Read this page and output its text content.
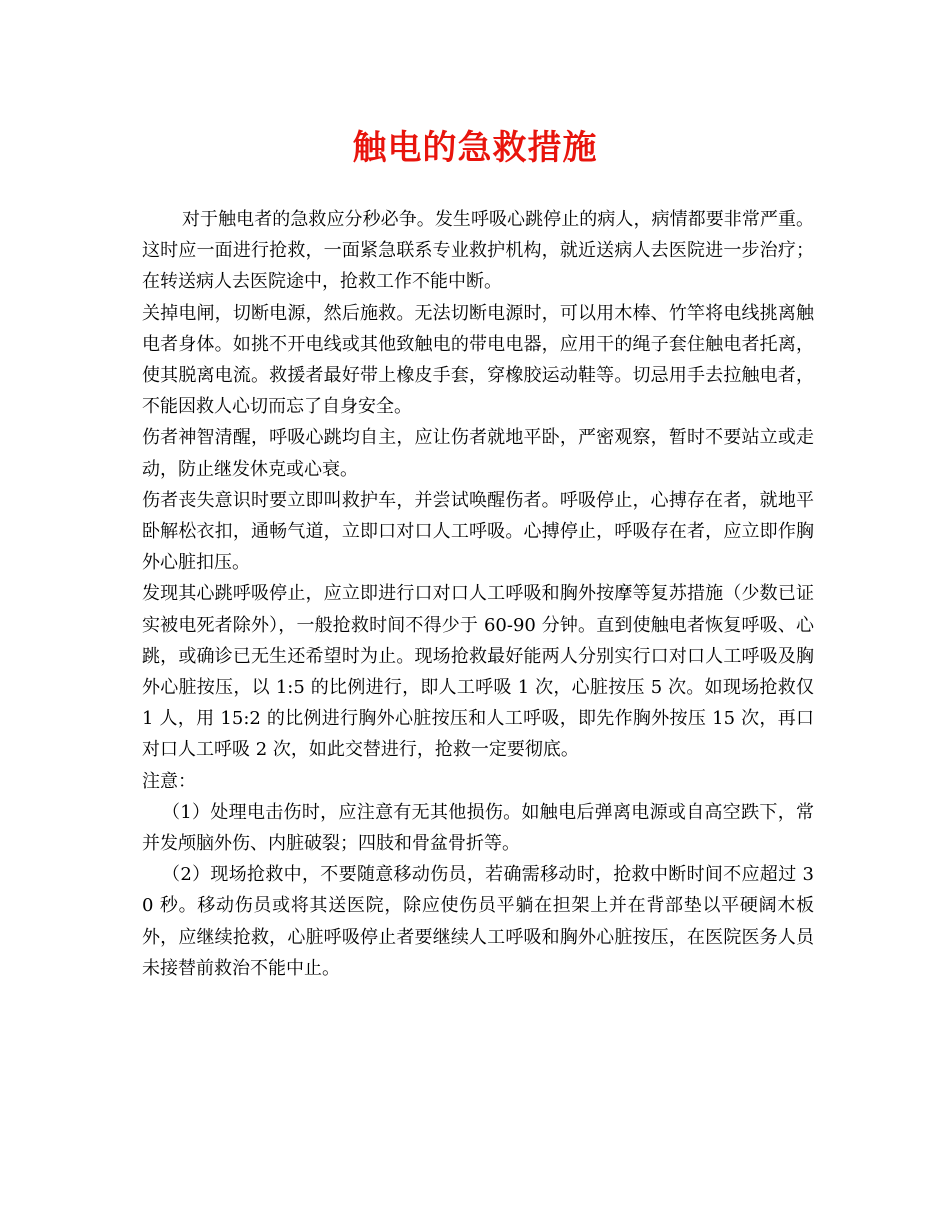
触电的急救措施

对于触电者的急救应分秒必争。发生呼吸心跳停止的病人，病情都要非常严重。这时应一面进行抢救，一面紧急联系专业救护机构，就近送病人去医院进一步治疗；在转送病人去医院途中，抢救工作不能中断。

关掉电闸，切断电源，然后施救。无法切断电源时，可以用木棒、竹竿将电线挑离触电者身体。如挑不开电线或其他致触电的带电电器，应用干的绳子套住触电者托离，使其脱离电流。救援者最好带上橡皮手套，穿橡胶运动鞋等。切忌用手去拉触电者，不能因救人心切而忘了自身安全。

伤者神智清醒，呼吸心跳均自主，应让伤者就地平卧，严密观察，暂时不要站立或走动，防止继发休克或心衰。

伤者丧失意识时要立即叫救护车，并尝试唤醒伤者。呼吸停止，心搏存在者，就地平卧解松衣扣，通畅气道，立即口对口人工呼吸。心搏停止，呼吸存在者，应立即作胸外心脏扣压。

发现其心跳呼吸停止，应立即进行口对口人工呼吸和胸外按摩等复苏措施（少数已证实被电死者除外），一般抢救时间不得少于 60-90 分钟。直到使触电者恢复呼吸、心跳，或确诊已无生还希望时为止。现场抢救最好能两人分别实行口对口人工呼吸及胸外心脏按压，以 1:5 的比例进行，即人工呼吸 1 次，心脏按压 5 次。如现场抢救仅 1 人，用 15:2 的比例进行胸外心脏按压和人工呼吸，即先作胸外按压 15 次，再口对口人工呼吸 2 次，如此交替进行，抢救一定要彻底。

注意：

（1）处理电击伤时，应注意有无其他损伤。如触电后弹离电源或自高空跌下，常并发颅脑外伤、内脏破裂；四肢和骨盆骨折等。

（2）现场抢救中，不要随意移动伤员，若确需移动时，抢救中断时间不应超过 30 秒。移动伤员或将其送医院，除应使伤员平躺在担架上并在背部垫以平硬阔木板外，应继续抢救，心脏呼吸停止者要继续人工呼吸和胸外心脏按压，在医院医务人员未接替前救治不能中止。
